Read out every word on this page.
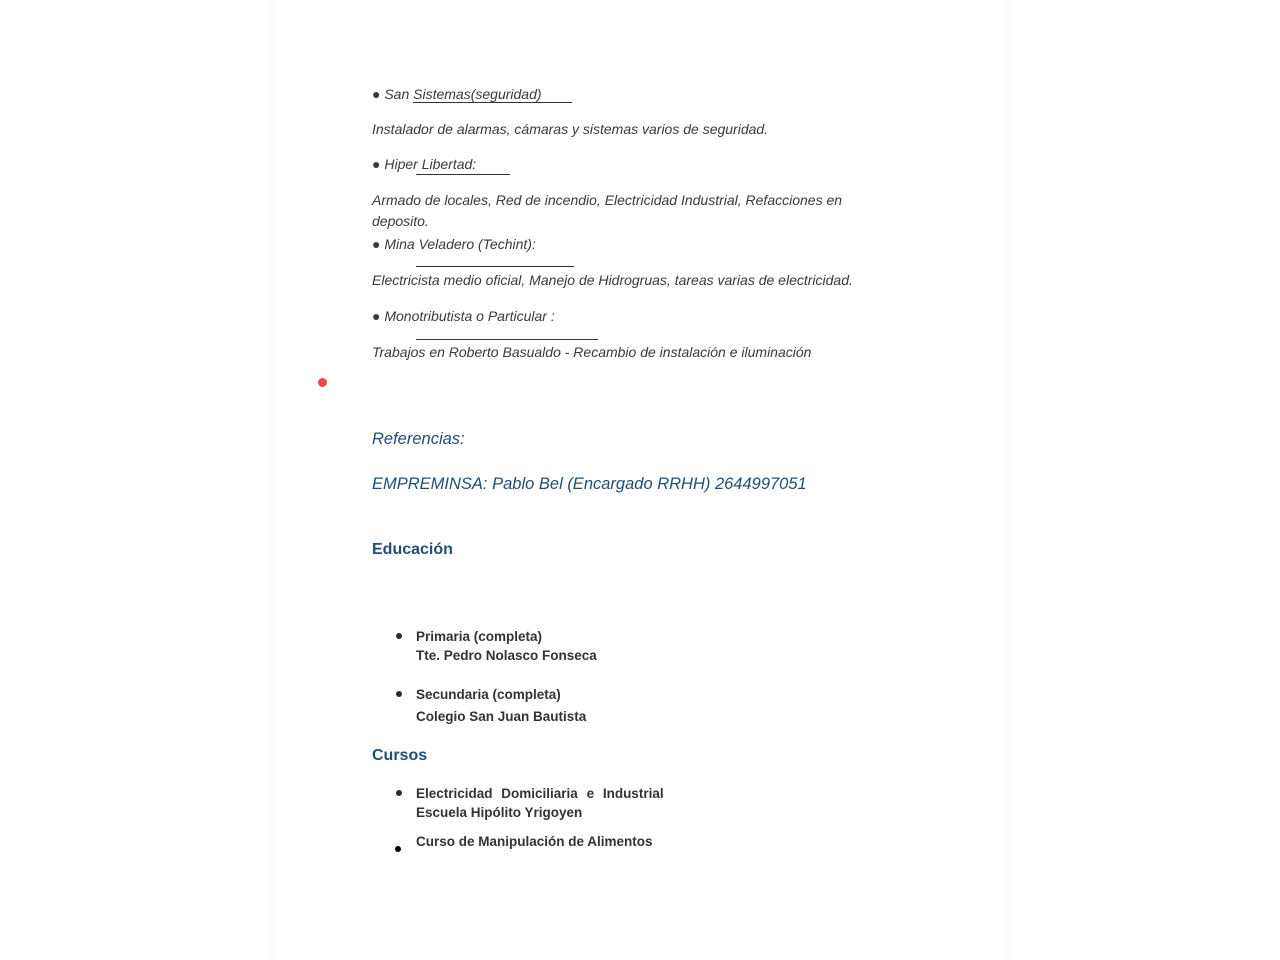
● San Sistemas(seguridad)
Instalador de alarmas, cámaras y sistemas varios de seguridad.
● Hiper Libertad:
Armado de locales, Red de incendio, Electricidad Industrial, Refacciones en
deposito.
● Mina Veladero (Techint):
Electricista medio oficial, Manejo de Hidrogruas, tareas varias de electricidad.
● Monotributista o Particular :
Trabajos en Roberto Basualdo - Recambio de instalación e iluminación
Referencias:
EMPREMINSA: Pablo Bel (Encargado RRHH) 2644997051
Educación
Primaria (completa)
Tte. Pedro Nolasco Fonseca
Secundaria (completa)
Colegio San Juan Bautista
Cursos
Electricidad Domiciliaria e Industrial
Escuela Hipólito Yrigoyen
Curso de Manipulación de Alimentos
